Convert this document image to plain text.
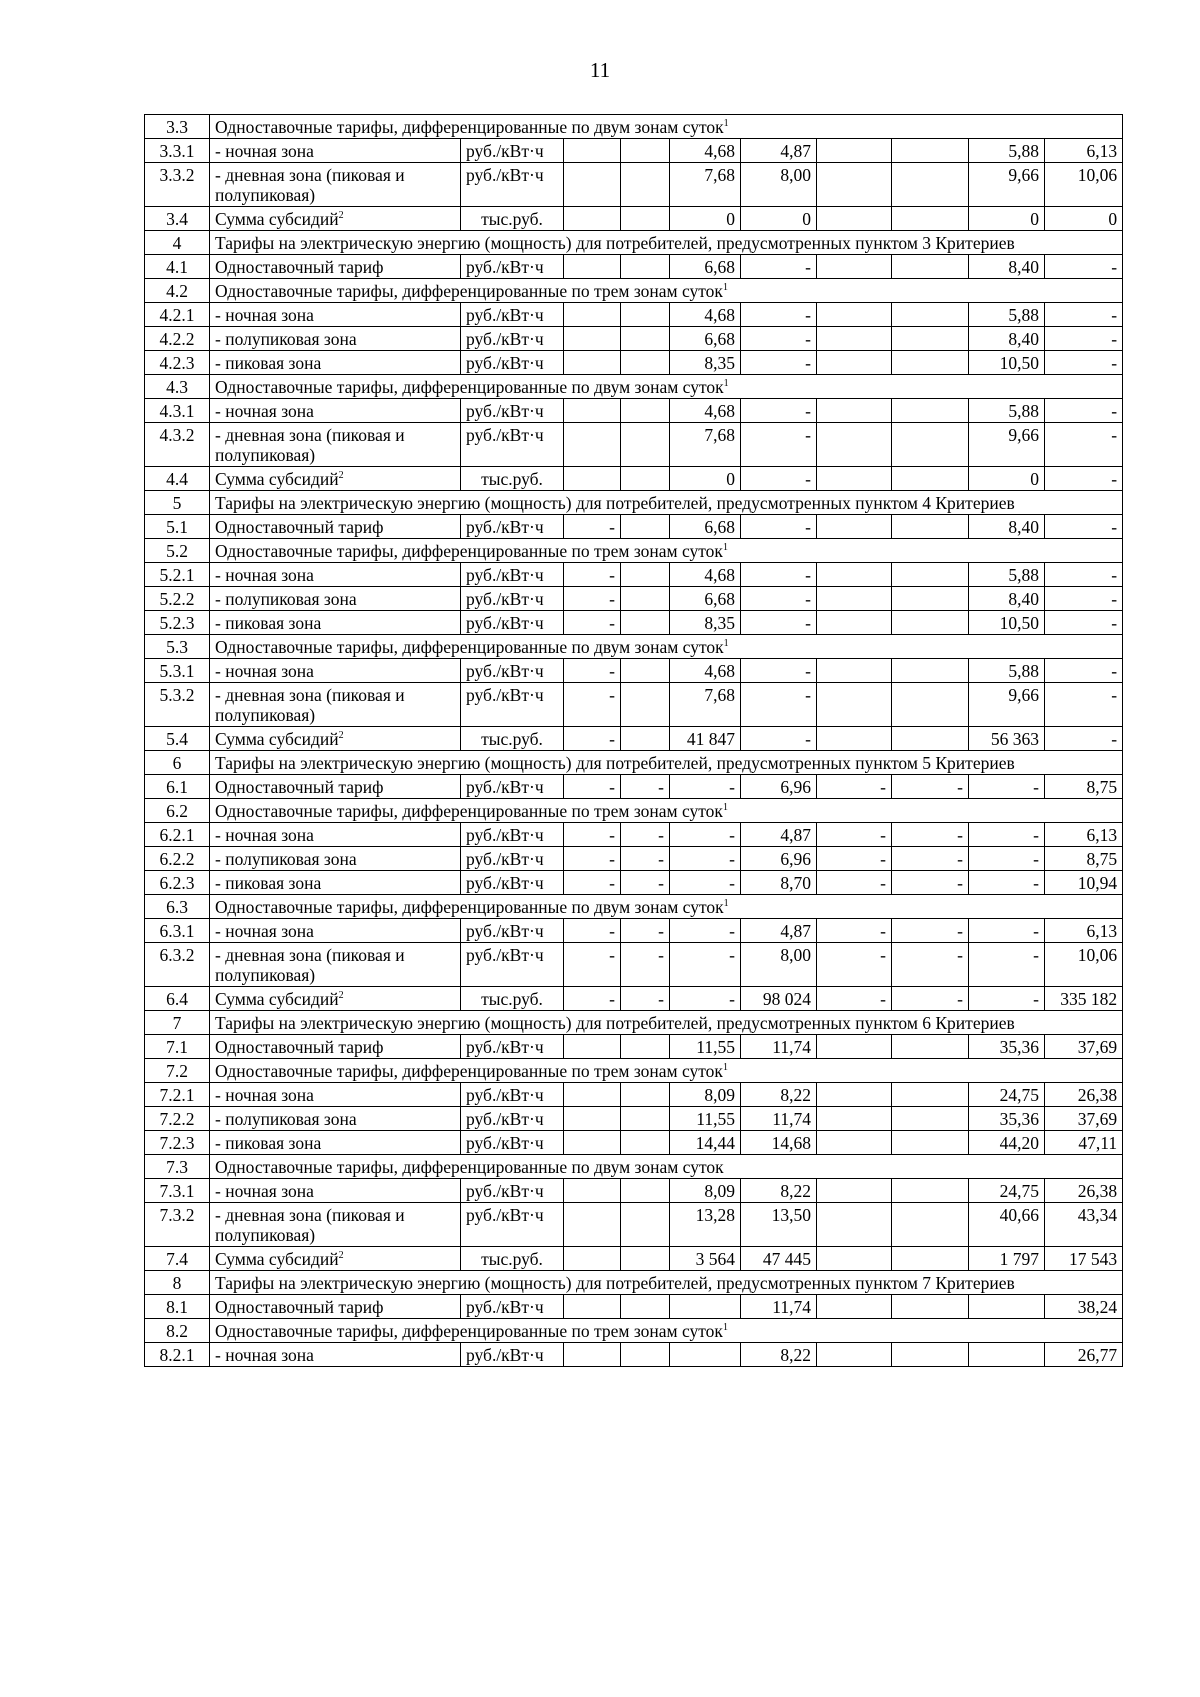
11
3.3	Одноставочные тарифы, дифференцированные по двум зонам суток$^1$
3.3.1	- ночная зона	руб./кВт·ч			4,68	4,87			5,88	6,13
3.3.2	- дневная зона (пиковая и полупиковая)	руб./кВт·ч			7,68	8,00			9,66	10,06
3.4	Сумма субсидий$^2$	тыс.руб.			0	0			0	0
4	Тарифы на электрическую энергию (мощность) для потребителей, предусмотренных пунктом 3 Критериев									
4.1	Одноставочный тариф	руб./кВт·ч			6,68	-			8,40	-
4.2	Одноставочные тарифы, дифференцированные по трем зонам суток$^1$
4.2.1	- ночная зона	руб./кВт·ч			4,68	-			5,88	-
4.2.2	- полупиковая зона	руб./кВт·ч			6,68	-			8,40	-
4.2.3	- пиковая зона	руб./кВт·ч			8,35	-			10,50	-
4.3	Одноставочные тарифы, дифференцированные по двум зонам суток$^1$
4.3.1	- ночная зона	руб./кВт·ч			4,68	-			5,88	-
4.3.2	- дневная зона (пиковая и полупиковая)	руб./кВт·ч			7,68	-			9,66	-
4.4	Сумма субсидий$^2$	тыс.руб.			0	-			0	-
5	Тарифы на электрическую энергию (мощность) для потребителей, предусмотренных пунктом 4 Критериев									
5.1	Одноставочный тариф	руб./кВт·ч	-		6,68	-			8,40	-
5.2	Одноставочные тарифы, дифференцированные по трем зонам суток$^1$
5.2.1	- ночная зона	руб./кВт·ч	-		4,68	-			5,88	-
5.2.2	- полупиковая зона	руб./кВт·ч	-		6,68	-			8,40	-
5.2.3	- пиковая зона	руб./кВт·ч	-		8,35	-			10,50	-
5.3	Одноставочные тарифы, дифференцированные по двум зонам суток$^1$
5.3.1	- ночная зона	руб./кВт·ч	-		4,68	-			5,88	-
5.3.2	- дневная зона (пиковая и полупиковая)	руб./кВт·ч	-		7,68	-			9,66	-
5.4	Сумма субсидий$^2$	тыс.руб.	-		41 847	-			56 363	-
6	Тарифы на электрическую энергию (мощность) для потребителей, предусмотренных пунктом 5 Критериев									
6.1	Одноставочный тариф	руб./кВт·ч	-	-	-	6,96	-	-	-	8,75
6.2	Одноставочные тарифы, дифференцированные по трем зонам суток$^1$
6.2.1	- ночная зона	руб./кВт·ч	-	-	-	4,87	-	-	-	6,13
6.2.2	- полупиковая зона	руб./кВт·ч	-	-	-	6,96	-	-	-	8,75
6.2.3	- пиковая зона	руб./кВт·ч	-	-	-	8,70	-	-	-	10,94
6.3	Одноставочные тарифы, дифференцированные по двум зонам суток$^1$
6.3.1	- ночная зона	руб./кВт·ч	-	-	-	4,87	-	-	-	6,13
6.3.2	- дневная зона (пиковая и полупиковая)	руб./кВт·ч	-	-	-	8,00	-	-	-	10,06
6.4	Сумма субсидий$^2$	тыс.руб.	-	-	-	98 024	-	-	-	335 182
7	Тарифы на электрическую энергию (мощность) для потребителей, предусмотренных пунктом 6 Критериев									
7.1	Одноставочный тариф	руб./кВт·ч			11,55	11,74			35,36	37,69
7.2	Одноставочные тарифы, дифференцированные по трем зонам суток$^1$
7.2.1	- ночная зона	руб./кВт·ч			8,09	8,22			24,75	26,38
7.2.2	- полупиковая зона	руб./кВт·ч			11,55	11,74			35,36	37,69
7.2.3	- пиковая зона	руб./кВт·ч			14,44	14,68			44,20	47,11
7.3	Одноставочные тарифы, дифференцированные по двум зонам суток									
7.3.1	- ночная зона	руб./кВт·ч			8,09	8,22			24,75	26,38
7.3.2	- дневная зона (пиковая и полупиковая)	руб./кВт·ч			13,28	13,50			40,66	43,34
7.4	Сумма субсидий$^2$	тыс.руб.			3 564	47 445			1 797	17 543
8	Тарифы на электрическую энергию (мощность) для потребителей, предусмотренных пунктом 7 Критериев									
8.1	Одноставочный тариф	руб./кВт·ч				11,74				38,24
8.2	Одноставочные тарифы, дифференцированные по трем зонам суток$^1$
8.2.1	- ночная зона	руб./кВт·ч				8,22				26,77
